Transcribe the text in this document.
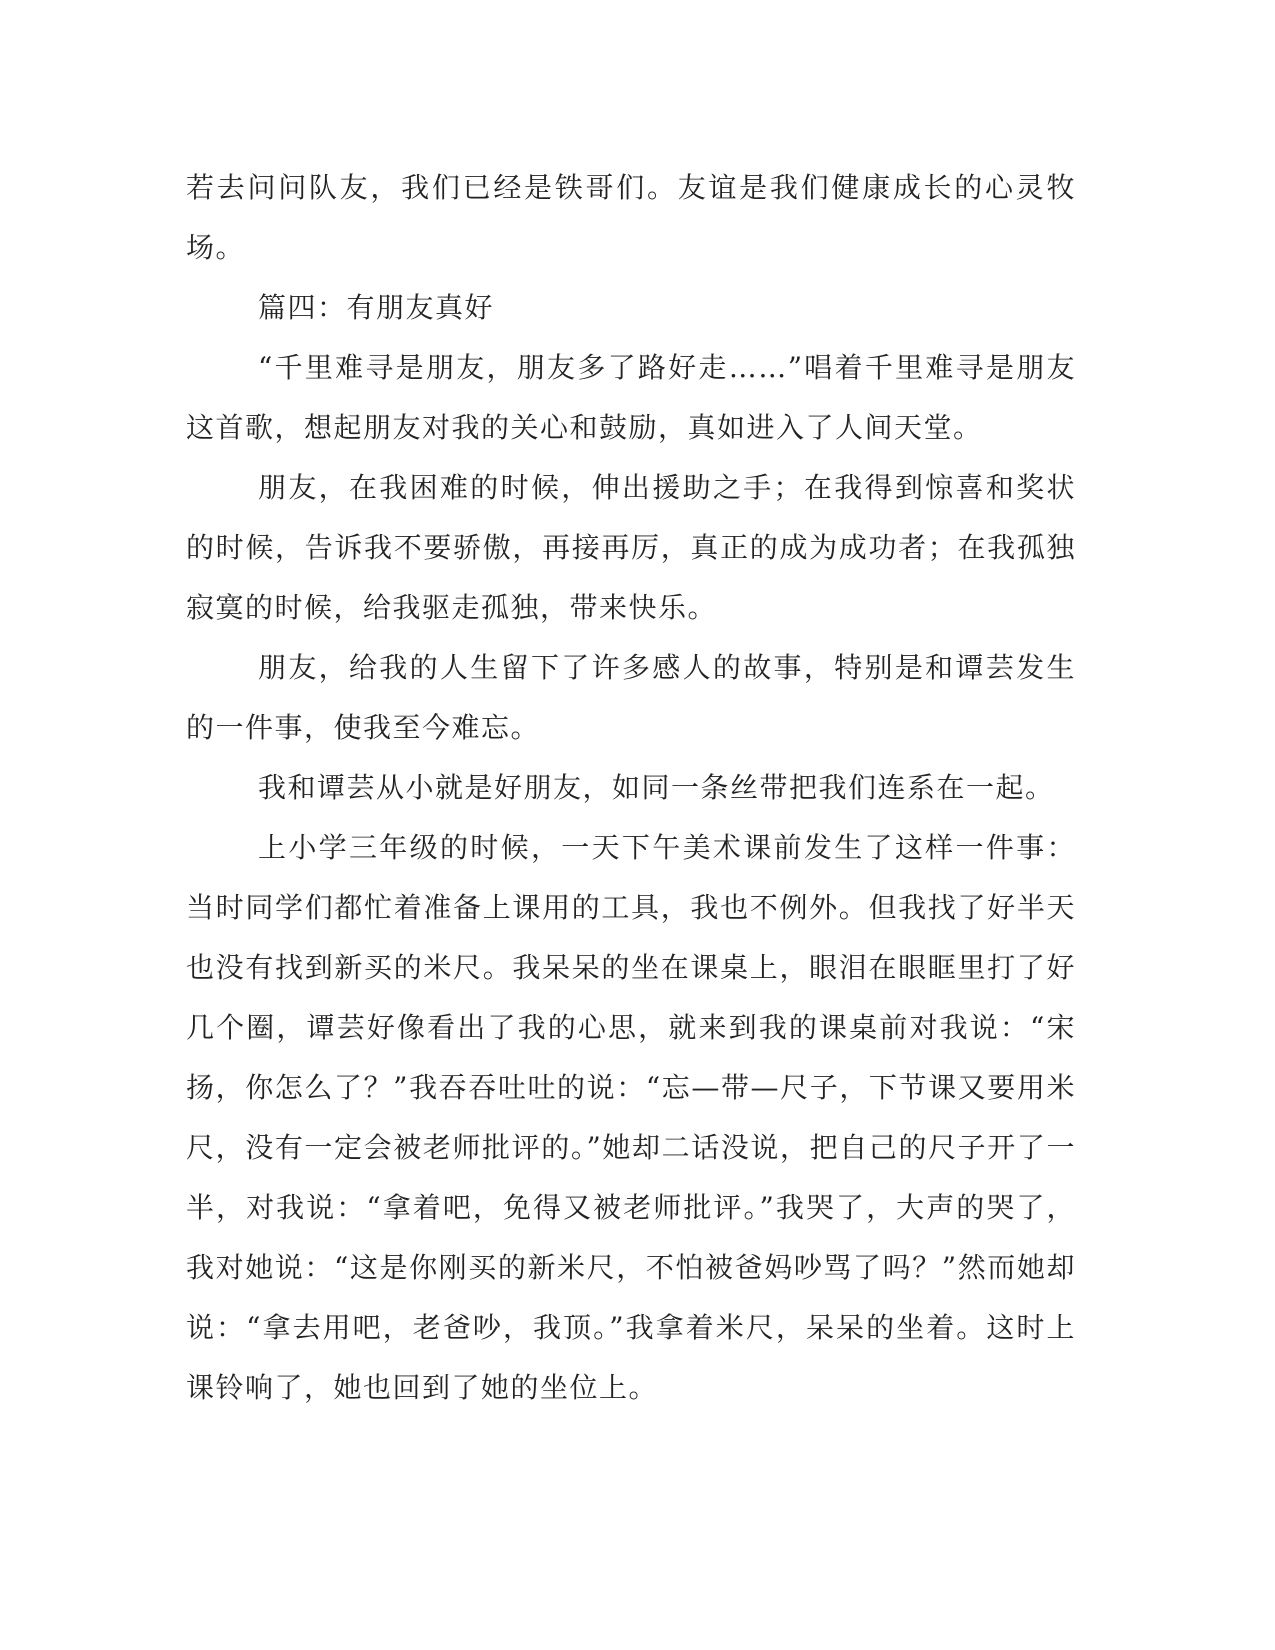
若去问问队友，我们已经是铁哥们。友谊是我们健康成长的心灵牧场。

篇四：有朋友真好

“千里难寻是朋友，朋友多了路好走……”唱着千里难寻是朋友这首歌，想起朋友对我的关心和鼓励，真如进入了人间天堂。

朋友，在我困难的时候，伸出援助之手；在我得到惊喜和奖状的时候，告诉我不要骄傲，再接再厉，真正的成为成功者；在我孤独寂寞的时候，给我驱走孤独，带来快乐。

朋友，给我的人生留下了许多感人的故事，特别是和谭芸发生的一件事，使我至今难忘。

我和谭芸从小就是好朋友，如同一条丝带把我们连系在一起。

上小学三年级的时候，一天下午美术课前发生了这样一件事：当时同学们都忙着准备上课用的工具，我也不例外。但我找了好半天也没有找到新买的米尺。我呆呆的坐在课桌上，眼泪在眼眶里打了好几个圈，谭芸好像看出了我的心思，就来到我的课桌前对我说：“宋扬，你怎么了？”我吞吞吐吐的说：“忘—带—尺子，下节课又要用米尺，没有一定会被老师批评的。”她却二话没说，把自己的尺子开了一半，对我说：“拿着吧，免得又被老师批评。”我哭了，大声的哭了，我对她说：“这是你刚买的新米尺，不怕被爸妈吵骂了吗？”然而她却说：“拿去用吧，老爸吵，我顶。”我拿着米尺，呆呆的坐着。这时上课铃响了，她也回到了她的坐位上。
